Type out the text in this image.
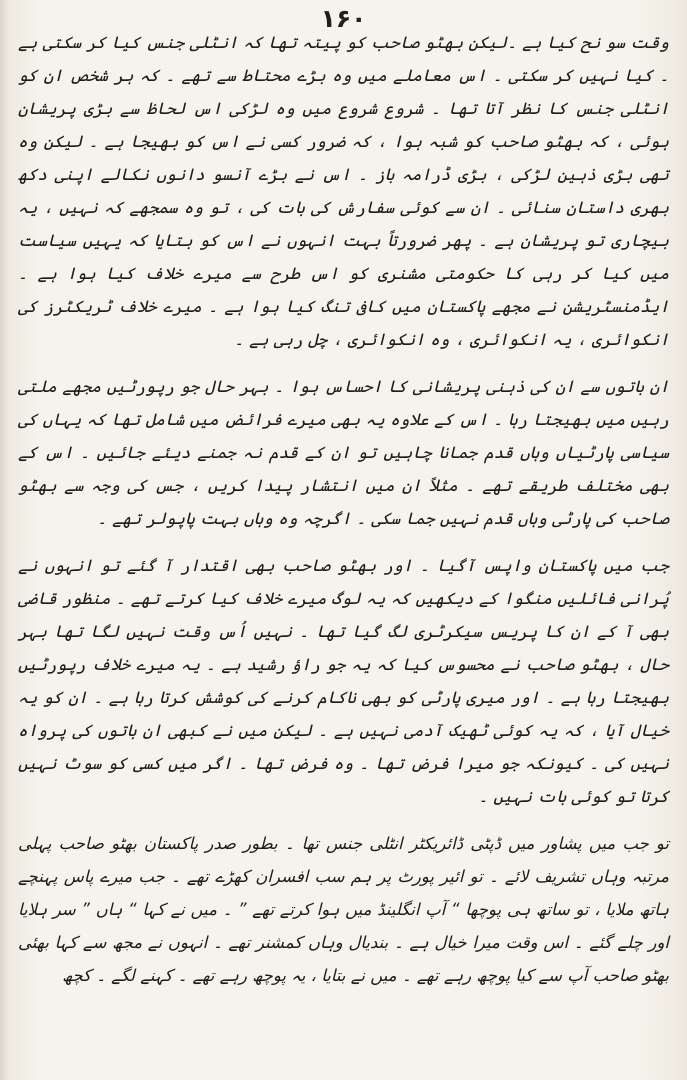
۱۶۰

وقت سو نح کیا ہے ۔لیکن بھٹو صاحب کو پیتہ تھا کہ انٹلی جنس کیا کر سکتی ہے ۔ کیا نہیں کر سکتی ۔ اس معاملے میں وہ بڑے محتاط سے تھے ۔ کہ ہر شخص ان کو انٹلی جنس کا نظر آتا تھا ۔ شروع شروع میں وہ لڑکی اس لحاظ سے بڑی پریشان ہوئی ، کہ بھٹو صاحب کو شبہ ہوا ، کہ ضرور کسی نے اس کو بھیجا ہے ۔ لیکن وہ تھی بڑی ذہین لڑکی ، بڑی ڈرامہ باز ۔ اس نے بڑے آنسو دانوں نکالے اپنی دکھ بھری داستان سنائی ۔ ان سے کوئی سفارش کی بات کی ، تو وہ سمجھے کہ نہیں ، یہ بیچاری تو پریشان ہے ۔ پھر ضرورتاً بہت انہوں نے اس کو بتایا کہ یہیں سیاست میں کیا کر رہی کا حکومتی مشنری کو اس طرح سے میرے خلاف کیا ہوا ہے ۔ ایڈمنسٹریشن نے مجھے پاکستان میں کافی تنگ کیا ہوا ہے ۔ میرے خلاف ٹریکٹرز کی انکوائری ، یہ انکوائری ، وہ انکوائری ، چل رہی ہے ۔

ان باتوں سے ان کی ذہنی پریشانی کا احساس ہوا ۔ بہر حال جو رپورٹیں مجھے ملتی رہیں میں بھیجتا رہا ۔ اس کے علاوہ یہ بھی میرے فرائض میں شامل تھا کہ یہاں کی سیاسی پارٹیاں وہاں قدم جمانا چاہیں تو ان کے قدم نہ جمنے دیئے جائیں ۔ اس کے بھی مختلف طریقے تھے ۔ مثلاً ان میں انتشار پیدا کریں ، جس کی وجہ سے بھٹو صاحب کی پارٹی وہاں قدم نہیں جما سکی ۔ اگرچہ وہ وہاں بہت پاپولر تھے ۔

جب میں پاکستان واپس آگیا ۔ اور بھٹو صاحب بھی اقتدار آ گئے تو انہوں نے پُرانی فائلیں منگوا کے دیکھیں کہ یہ لوگ میرے خلاف کیا کرتے تھے ۔ منظور قاضی بھی آ کے ان کا پریس سیکرٹری لگ گیا تھا ۔ نہیں اُس وقت نہیں لگا تھا بہر حال ، بھٹو صاحب نے محسوس کیا کہ یہ جو راؤ رشید ہے ۔ یہ میرے خلاف رپورٹیں بھیجتا رہا ہے ۔ اور میری پارٹی کو بھی ناکام کرنے کی کوشش کرتا رہا ہے ۔ ان کو یہ خیال آیا ، کہ یہ کوئی ٹھیک آدمی نہیں ہے ۔ لیکن میں نے کبھی ان باتوں کی پرواہ نہیں کی ۔ کیونکہ جو میرا فرض تھا ۔ وہ فرض تھا ۔ اگر میں کسی کو سوٹ نہیں کرتا تو کوئی بات نہیں ۔

تو جب میں پشاور میں ڈپٹی ڈائریکٹر انٹلی جنس تھا ۔ بطور صدر پاکستان بھٹو صاحب پہلی مرتبہ وہاں تشریف لائے ۔ تو ائیر پورٹ پر ہم سب افسران کھڑے تھے ۔ جب میرے پاس پہنچے ہاتھ ملایا ، تو ساتھ ہی پوچھا “ آپ انگلینڈ میں ہوا کرتے تھے ” ۔ میں نے کہا “ ہاں ” سر ہلایا اور چلے گئے ۔ اس وقت میرا خیال ہے ۔ بندیال وہاں کمشنر تھے ۔ انہوں نے مجھ سے کہا بھئی بھٹو صاحب آپ سے کیا پوچھ رہے تھے ۔ میں نے بتایا ، یہ پوچھ رہے تھے ۔ کہنے لگے ۔ کچھ
